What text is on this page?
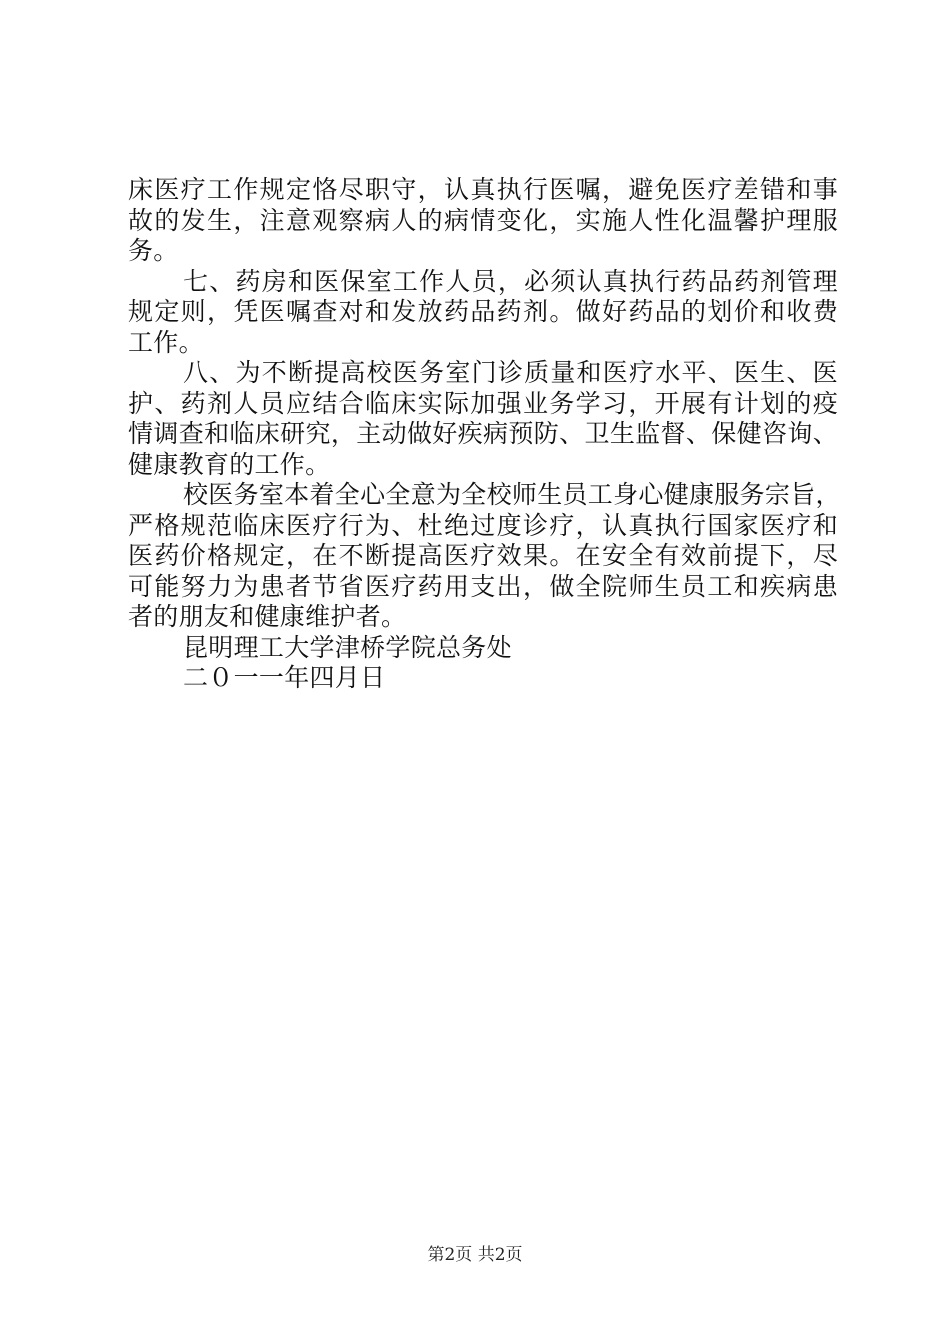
床医疗工作规定恪尽职守，认真执行医嘱，避免医疗差错和事
故的发生，注意观察病人的病情变化，实施人性化温馨护理服
务。
七、药房和医保室工作人员，必须认真执行药品药剂管理
规定则，凭医嘱查对和发放药品药剂。做好药品的划价和收费
工作。
八、为不断提高校医务室门诊质量和医疗水平、医生、医
护、药剂人员应结合临床实际加强业务学习，开展有计划的疫
情调查和临床研究，主动做好疾病预防、卫生监督、保健咨询、
健康教育的工作。
校医务室本着全心全意为全校师生员工身心健康服务宗旨，
严格规范临床医疗行为、杜绝过度诊疗，认真执行国家医疗和
医药价格规定，在不断提高医疗效果。在安全有效前提下，尽
可能努力为患者节省医疗药用支出，做全院师生员工和疾病患
者的朋友和健康维护者。
昆明理工大学津桥学院总务处
二０一一年四月日
第2页 共2页
